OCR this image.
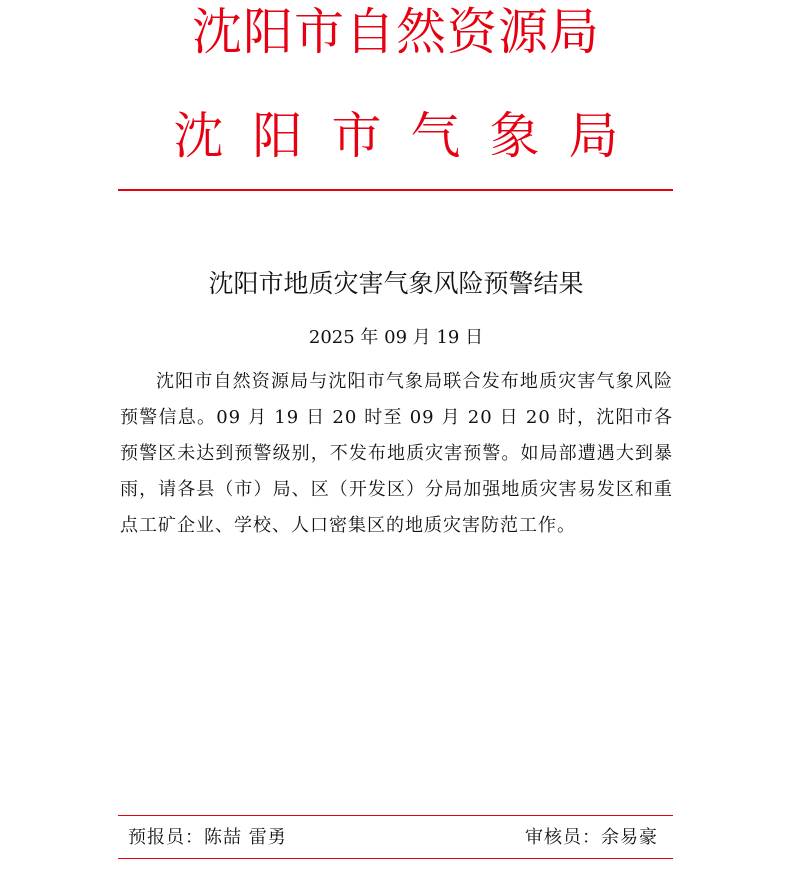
沈阳市自然资源局
沈阳市气象局
沈阳市地质灾害气象风险预警结果
2025 年 09 月 19 日

沈阳市自然资源局与沈阳市气象局联合发布地质灾害气象风险预警信息。09 月 19 日 20 时至 09 月 20 日 20 时，沈阳市各预警区未达到预警级别，不发布地质灾害预警。如局部遭遇大到暴雨，请各县（市）局、区（开发区）分局加强地质灾害易发区和重点工矿企业、学校、人口密集区的地质灾害防范工作。

预报员：陈喆 雷勇	审核员：余易豪
